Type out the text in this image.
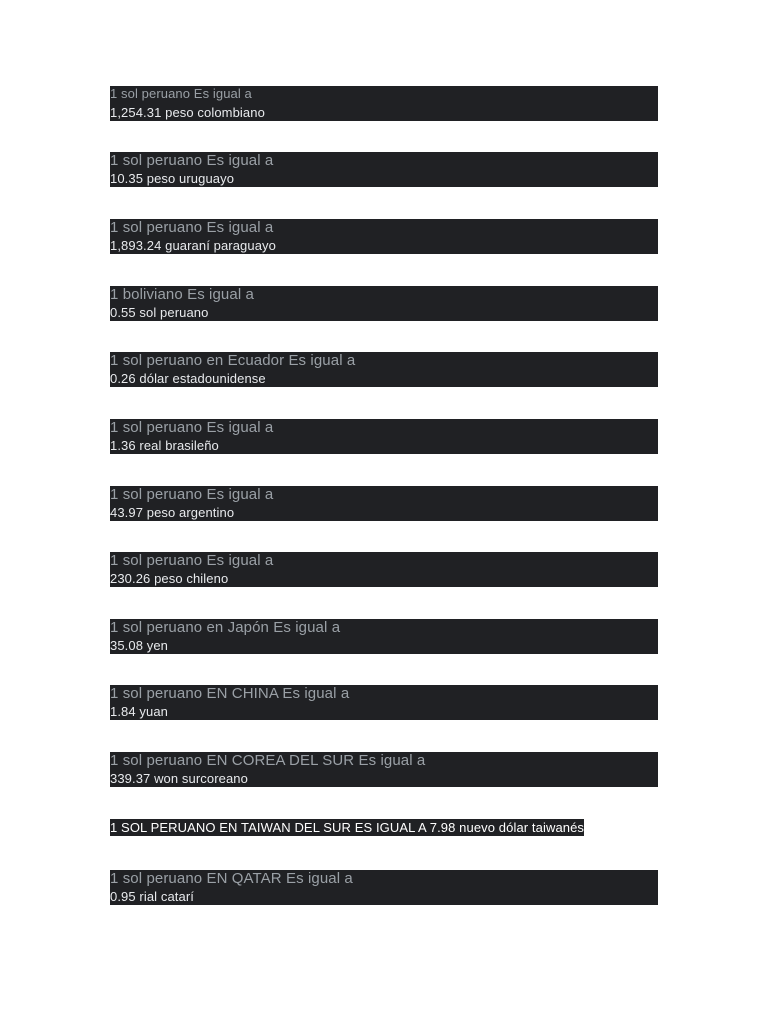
1 sol peruano Es igual a
1,254.31 peso colombiano
1 sol peruano Es igual a
10.35 peso uruguayo
1 sol peruano Es igual a
1,893.24 guaraní paraguayo
1 boliviano Es igual a
0.55 sol peruano
1 sol peruano en Ecuador Es igual a
0.26 dólar estadounidense
1 sol peruano Es igual a
1.36 real brasileño
1 sol peruano Es igual a
43.97 peso argentino
1 sol peruano Es igual a
230.26 peso chileno
1 sol peruano en Japón Es igual a
35.08 yen
1 sol peruano EN CHINA Es igual a
1.84 yuan
1 sol peruano EN COREA DEL SUR Es igual a
339.37 won surcoreano
1 SOL PERUANO EN TAIWAN DEL SUR ES IGUAL A 7.98 nuevo dólar taiwanés
1 sol peruano EN QATAR Es igual a
0.95 rial catarí
